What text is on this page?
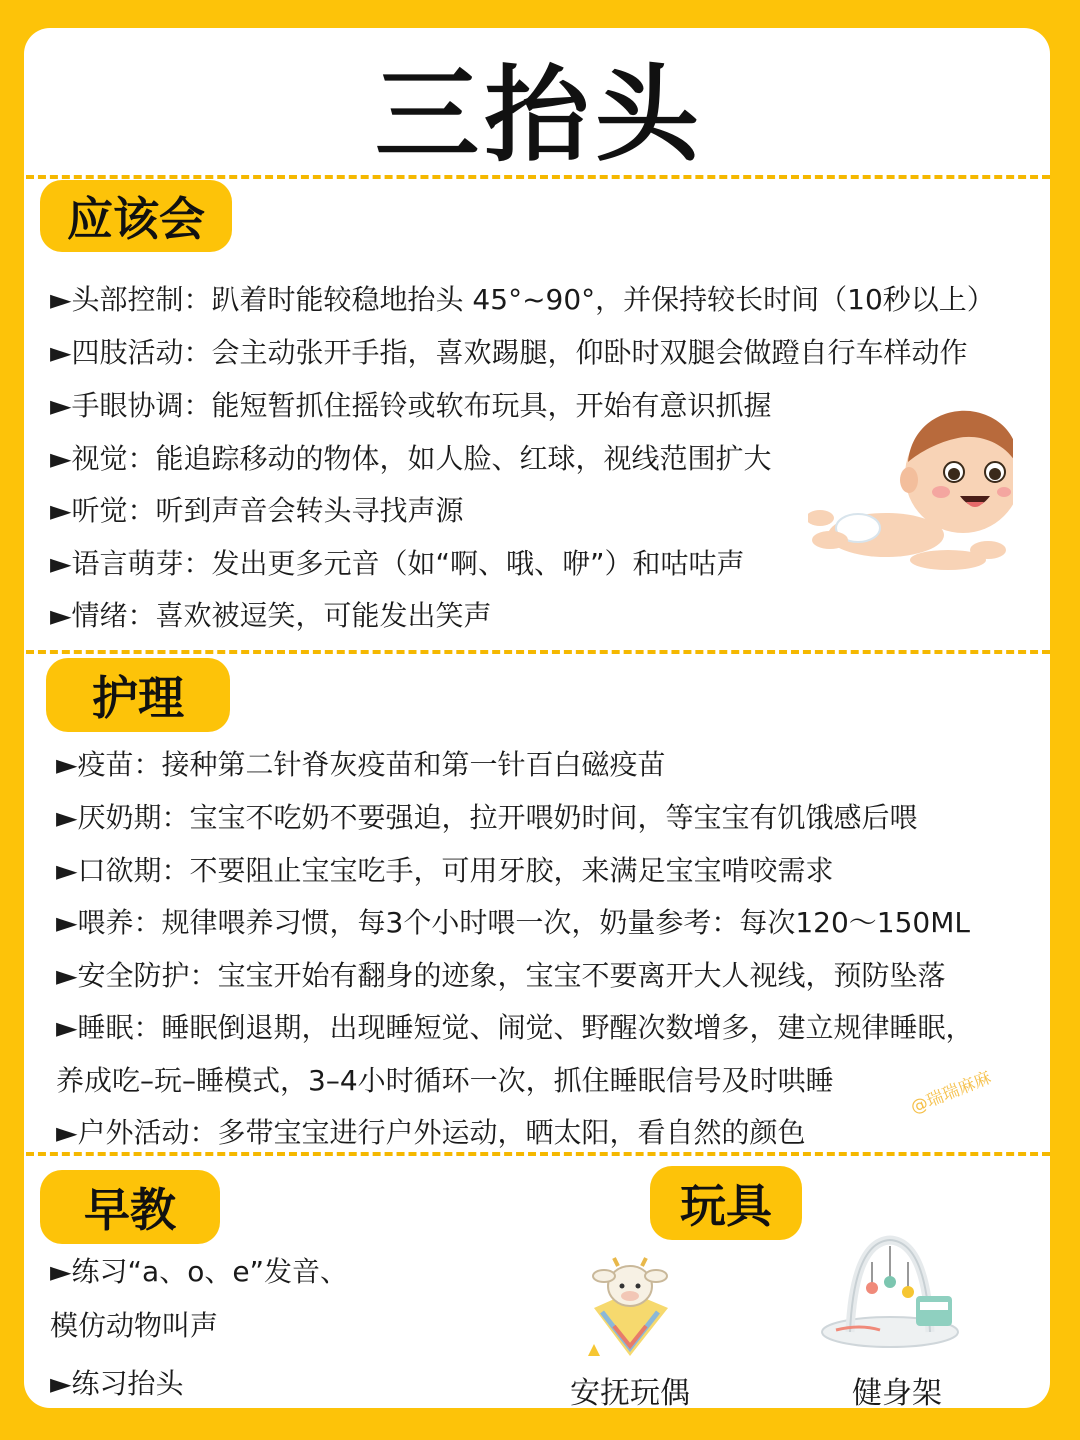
三抬头
应该会
►头部控制：趴着时能较稳地抬头 45°~90°，并保持较长时间（10秒以上）
►四肢活动：会主动张开手指，喜欢踢腿，仰卧时双腿会做蹬自行车样动作
►手眼协调：能短暂抓住摇铃或软布玩具，开始有意识抓握
►视觉：能追踪移动的物体，如人脸、红球，视线范围扩大
►听觉：听到声音会转头寻找声源
►语言萌芽：发出更多元音（如“啊、哦、咿”）和咕咕声
►情绪：喜欢被逗笑，可能发出笑声
护理
►疫苗：接种第二针脊灰疫苗和第一针百白磁疫苗
►厌奶期：宝宝不吃奶不要强迫，拉开喂奶时间，等宝宝有饥饿感后喂
►口欲期：不要阻止宝宝吃手，可用牙胶，来满足宝宝啃咬需求
►喂养：规律喂养习惯，每3个小时喂一次，奶量参考：每次120～150ML
►安全防护：宝宝开始有翻身的迹象，宝宝不要离开大人视线，预防坠落
►睡眠：睡眠倒退期，出现睡短觉、闹觉、野醒次数增多，建立规律睡眠，
养成吃–玩–睡模式，3–4小时循环一次，抓住睡眠信号及时哄睡
►户外活动：多带宝宝进行户外运动，晒太阳，看自然的颜色
@瑞瑞麻麻
早教
►练习“a、o、e”发音、
模仿动物叫声
►练习抬头
玩具
安抚玩偶	健身架
